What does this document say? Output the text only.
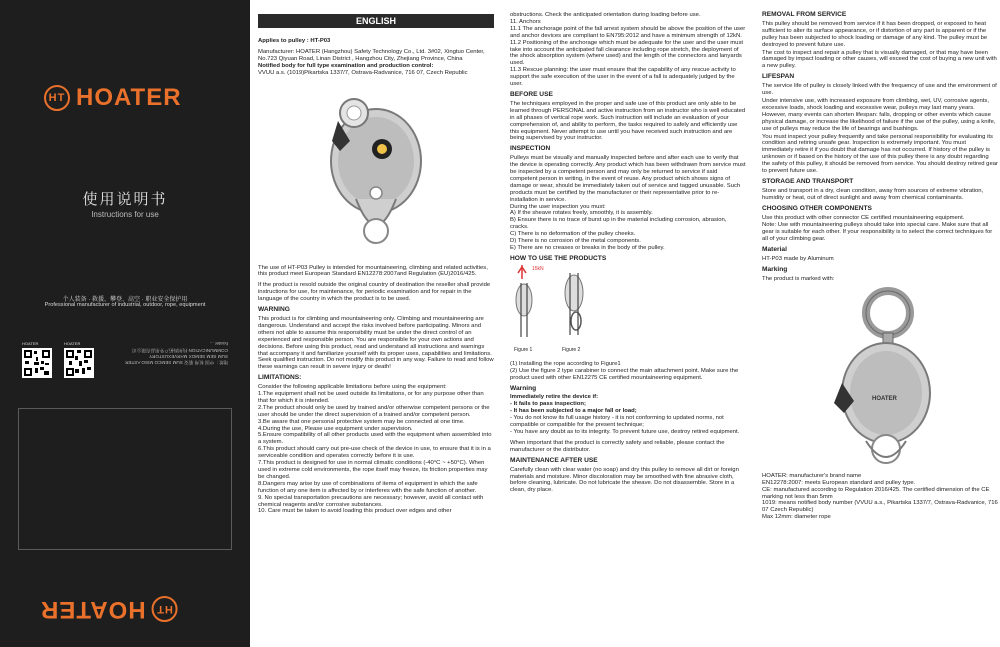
HT HOATER
使用说明书
Instructions for use
个人装备 · 救援、攀登、高空 · 职业安全保护用
Professional manufacturer of industrial, outdoor, rope, equipment
HOATER	HOATER
地址：中国 杭州 临安 SUM SEMCO MISO ASTER SUM SEM SEMOX MARVEXUSTORY COMMUNICATION 杭州海拓户外用品有限公司 hoater ...
HT
HOATER
ENGLISH

Applies to pulley : HT-P03

Manufacturer: HOATER (Hangzhou) Safety Technology Co., Ltd. 3#02, Xingtuo Center, No.723 Qiyuan Road, Linan District , Hangzhou City, Zhejiang Province, China

Notified body for full type examination and production control:

VVUU a.s. (1019)Pikartska 1337/7, Ostrava-Radvanice, 716 07, Czech Republic

The use of HT-P03 Pulley is intended for mountaineering, climbing and related activities, this product meet European Standard EN12278:2007and Regulation (EU)2016/425.

If the product is resold outside the original country of destination the reseller shall provide instructions for use, for maintenance, for periodic examination and for repair in the language of the country in which the product is to be used.

WARNING

This product is for climbing and mountaineering only. Climbing and mountaineering are dangerous. Understand and accept the risks involved before participating. Minors and others not able to assume this responsibility must be under the direct control of an experienced and responsible person. You are responsible for your own actions and decisions. Before using this product, read and understand all instructions and warnings that accompany it and familiarize yourself with its proper uses, capabilities and limitations. Seek qualified instruction. Do not modify this product in any way. Failure to read and follow these warnings can result in severe injury or death!

LIMITATIONS:

Consider the following applicable limitations before using the equipment:

1.The equipment shall not be used outside its limitations, or for any purpose other than that for which it is intended.

2.The product should only be used by trained and/or otherwise competent persons or the user should be under the direct supervision of a trained and/or competent person.

3.Be aware that one personal protective system may be connected at one time.

4.During the use, Please use equipment under supervision.

5.Ensure compatibility of all other products used with the equipment when assembled into a system.

6.This product should carry out pre-use check of the device in use, to ensure that it is in a serviceable condition and operates correctly before it is use.

7.This product is designed for use in normal climatic conditions (-40°C ~ +50°C). When used in extreme cold environments, the rope itself may freeze, its friction properties may be changed.

8.Dangers may arise by use of combinations of items of equipment in which the safe function of any one item is affected by or interferes with the safe function of another.

9. No special transportation precautions are necessary; however, avoid all contact with chemical reagents and/or corrosive substances.

10. Care must be taken to avoid loading this product over edges and other

obstructions. Check the anticipated orientation during loading before use.

11. Anchors

11.1 The anchorage point of the fall arrest system should be above the position of the user and anchor devices are compliant to EN795:2012 and have a minimum strength of 12kN.

11.2 Positioning of the anchorage which must be adequate for the user and the user must take into account the anticipated fall clearance including rope stretch, the deployment of the shock absorption system (where used) and the length of the connectors and lanyards used.

11.3 Rescue planning: the user must ensure that the capability of any rescue activity to support the safe execution of the user in the event of a fall is adequately judged by the user.

BEFORE USE

The techniques employed in the proper and safe use of this product are only able to be learned through PERSONAL and active instruction from an instructor who is well educated in all phases of vertical rope work. Such instruction will include an evaluation of your comprehension of, and ability to perform, the tasks required to safely and efficiently use this equipment. Never attempt to use until you have received such instruction and are being supervised by your instructor.

INSPECTION

Pulleys must be visually and manually inspected before and after each use to verify that the device is operating correctly. Any product which has been withdrawn from service must be inspected by a competent person and may only be returned to service if said competent person in writing, in the event of reuse. Any product which shows signs of damage or wear, should be immediately taken out of service and tagged unusable. Such products must be certified by the manufacturer or their representative prior to re-installation in service.

During the user inspection you must:

A) If the sheave rotates freely, smoothly, it is assembly.

B) Ensure there is no trace of burst up in the material including corrosion, abrasion, cracks.

C) There is no deformation of the pulley cheeks.

D) There is no corrosion of the metal components.

E) There are no creases or breaks in the body of the pulley.

HOW TO USE THE PRODUCTS
15kN
Figure 1	Figure 2

(1) Installing the rope according to Figure1

(2) Use the figure 2 type carabiner to connect the main attachment point. Make sure the product used with other EN12275 CE certified mountaineering equipment.

Warning

Immediately retire the device if:

- It fails to pass inspection;

- It has been subjected to a major fall or load;

- You do not know its full usage history - it is not conforming to updated norms, not compatible or compatible for the present technique;

- You have any doubt as to its integrity. To prevent future use, destroy retired equipment.

When important that the product is correctly safety and reliable, please contact the manufacturer or the distributor.

MAINTENANCE AFTER USE

Carefully clean with clear water (no soap) and dry this pulley to remove all dirt or foreign materials and moisture. Minor discoloration may be smoothed with fine abrasive cloth, before cleaning, lubricate. Do not lubricate the sheave. Do not disassemble. Store in a clean, dry place.

REMOVAL FROM SERVICE

This pulley should be removed from service if it has been dropped, or exposed to heat sufficient to alter its surface appearance, or if distortion of any part is apparent or if the pulley has been subjected to shock loading or damage of any kind. The pulley must be destroyed to prevent future use.

The cost to inspect and repair a pulley that is visually damaged, or that may have been damaged by impact loading or other causes, will exceed the cost of buying a new unit with a new pulley.

LIFESPAN

The service life of pulley is closely linked with the frequency of use and the environment of use.

Under intensive use, with increased exposure from climbing, wet, UV, corrosive agents, excessive loads, shock loading and excessive wear, pulleys may last many years. However, many events can shorten lifespan: falls, dropping or other events which cause physical damage, or increase the likelihood of failure if the use of the pulley, using a knife, use of pulleys may reduce the life of bearings and bushings.

You must inspect your pulley frequently and take personal responsibility for evaluating its condition and retiring unsafe gear. Inspection is extremely important. You must immediately retire it if you doubt that damage has not occurred. If history of the pulley is unknown or if based on the history of the use of this pulley there is any doubt regarding the safety of this pulley, it should be removed from service. You should destroy retired gear to prevent future use.

STORAGE AND TRANSPORT

Store and transport in a dry, clean condition, away from sources of extreme vibration, humidity or heat, out of direct sunlight and away from chemical contaminants.

CHOOSING OTHER COMPONENTS

Use this product with other connector CE certified mountaineering equipment.

Note: Use with mountaineering pulleys should take into special care. Make sure that all gear is suitable for each other. If your responsibility is to select the correct techniques for all of your climbing gear.

Material

HT-P03 made by Aluminum

Marking

The product is marked with:

HOATER

HOATER: manufacturer's brand name

EN12278:2007: meets European standard and pulley type.

CE: manufactured according to Regulation 2016/425. The certified dimension of the CE marking not less than 5mm

1019: means notified body number (VVUU a.s., Pikartska 1337/7, Ostrava-Radvanice, 716 07 Czech Republic)

Max 12mm: diameter rope
